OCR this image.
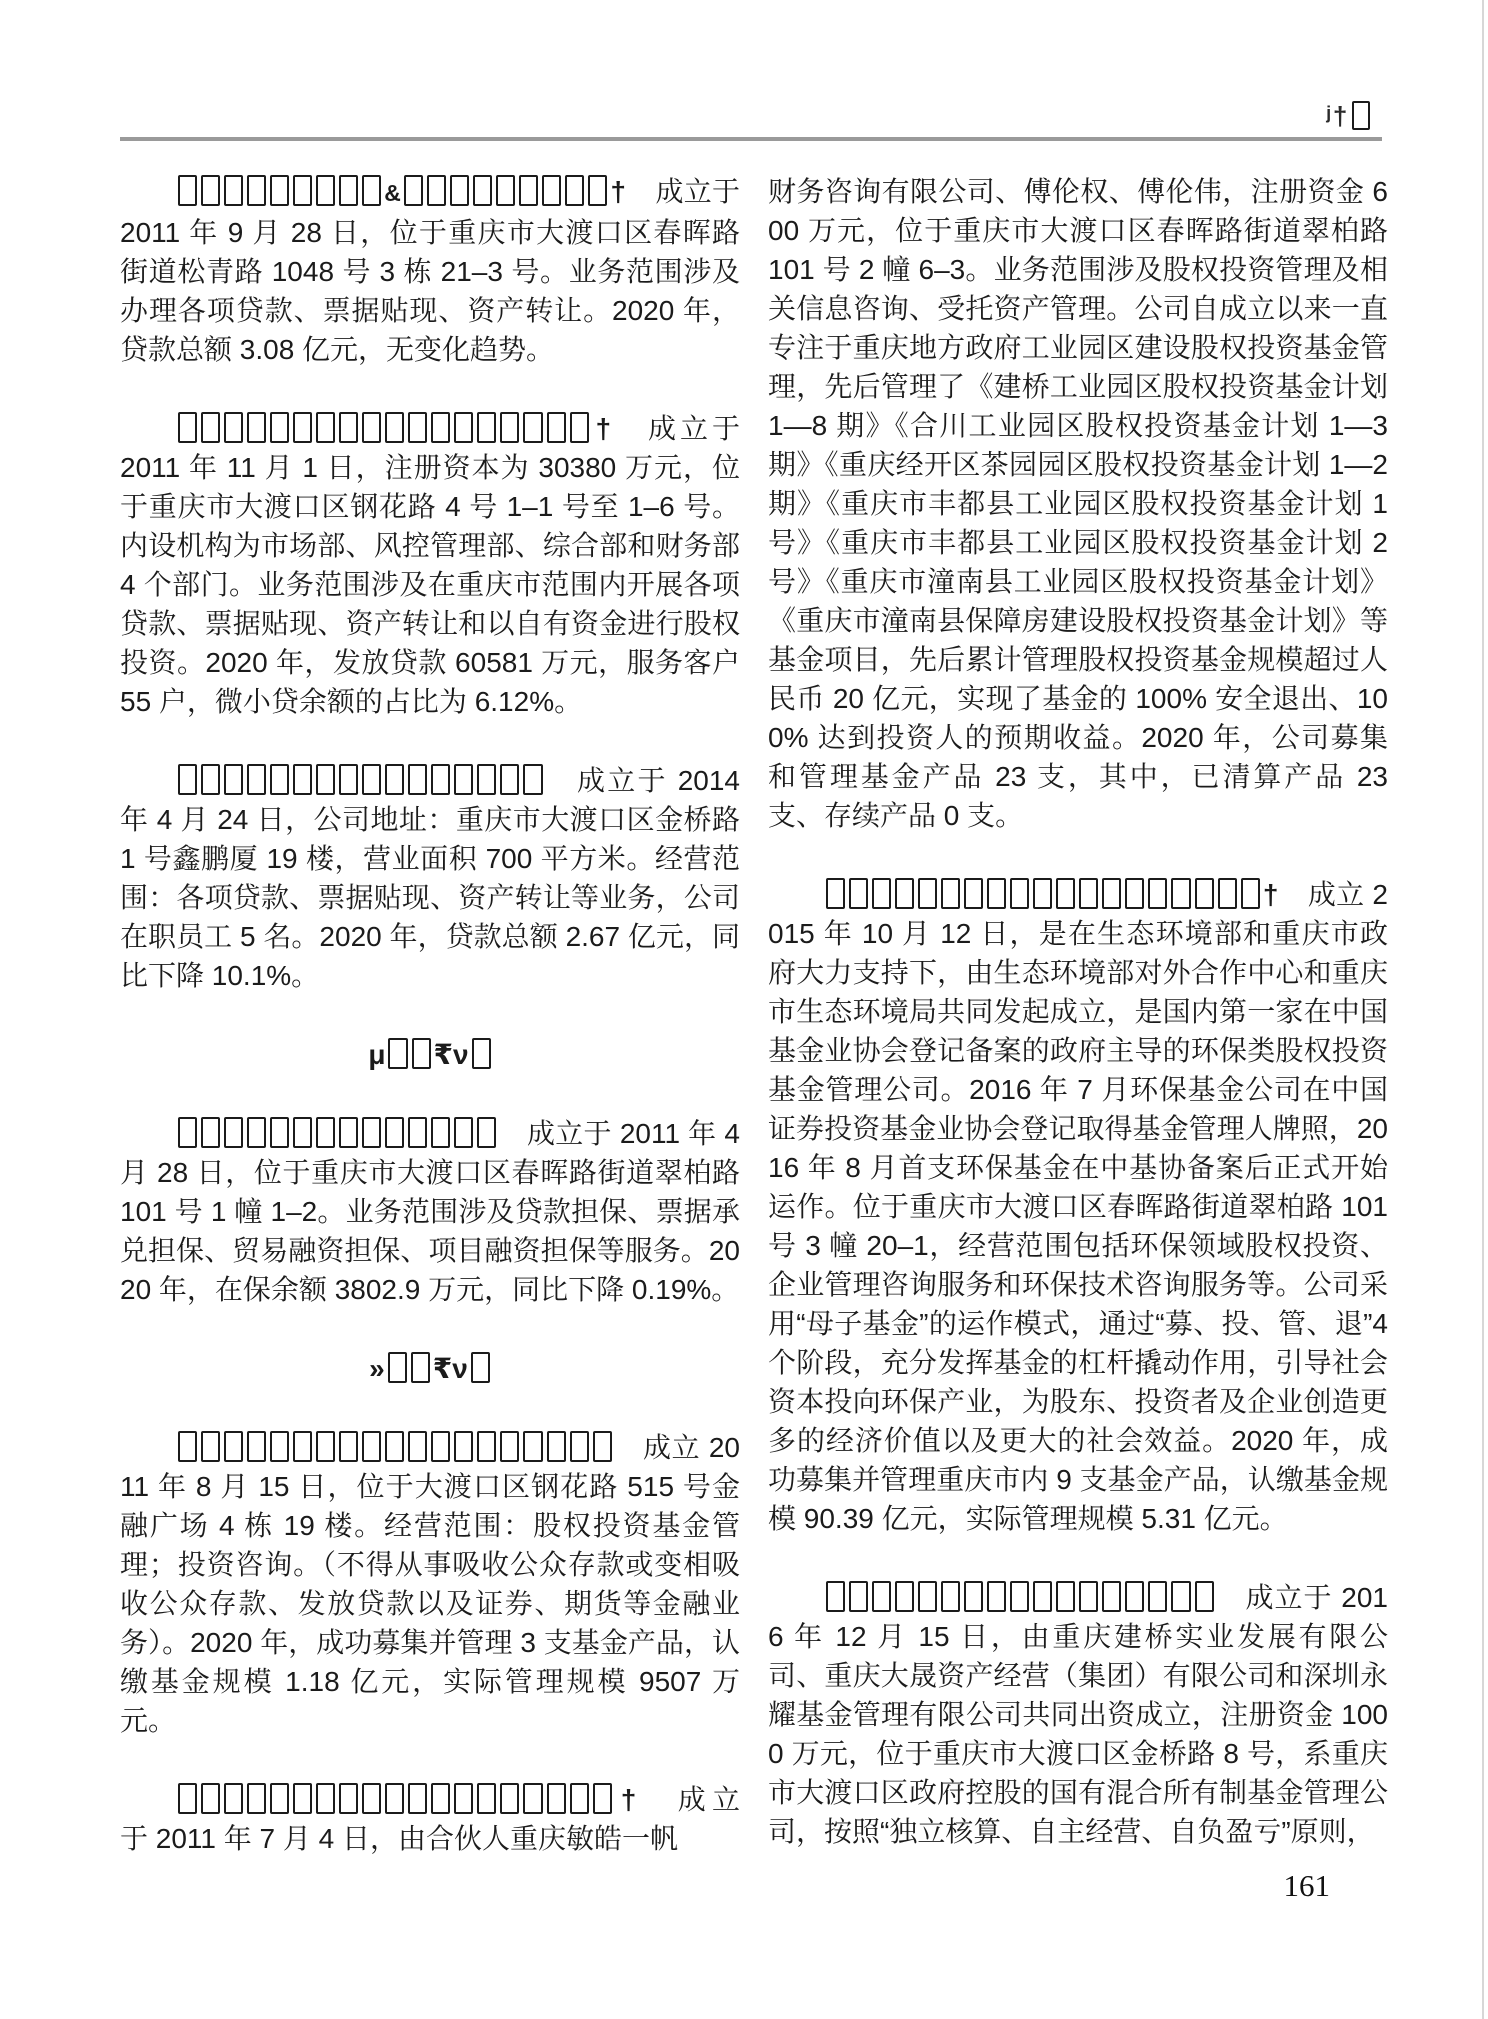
ʲ†

&	†　 成立于 2011 年 9 月 28 日，位于重庆市大渡口区春晖路街道松青路 1048 号 3 栋 21–3 号。业务范围涉及办理各项贷款、票据贴现、资产转让。2020 年，贷款总额 3.08 亿元，无变化趋势。

†　 成立于 2011 年 11 月 1 日，注册资本为 30380 万元，位于重庆市大渡口区钢花路 4 号 1–1 号至 1–6 号。内设机构为市场部、风控管理部、综合部和财务部 4 个部门。业务范围涉及在重庆市范围内开展各项贷款、票据贴现、资产转让和以自有资金进行股权投资。2020 年，发放贷款 60581 万元，服务客户 55 户，微小贷余额的占比为 6.12%。

　成立于 2014 年 4 月 24 日，公司地址：重庆市大渡口区金桥路 1 号鑫鹏厦 19 楼，营业面积 700 平方米。经营范围：各项贷款、票据贴现、资产转让等业务，公司在职员工 5 名。2020 年，贷款总额 2.67 亿元，同比下降 10.1%。

μ ₹ν

　成立于 2011 年 4 月 28 日，位于重庆市大渡口区春晖路街道翠柏路 101 号 1 幢 1–2。业务范围涉及贷款担保、票据承兑担保、贸易融资担保、项目融资担保等服务。2020 年，在保余额 3802.9 万元，同比下降 0.19%。

» ₹ν

　成立 2011 年 8 月 15 日，位于大渡口区钢花路 515 号金融广场 4 栋 19 楼。经营范围：股权投资基金管理；投资咨询。（不得从事吸收公众存款或变相吸收公众存款、发放贷款以及证券、期货等金融业务）。2020 年，成功募集并管理 3 支基金产品，认缴基金规模 1.18 亿元，实际管理规模 9507 万元。

†　 成立于 2011 年 7 月 4 日，由合伙人重庆敏皓一帆

财务咨询有限公司、傅伦权、傅伦伟，注册资金 600 万元，位于重庆市大渡口区春晖路街道翠柏路 101 号 2 幢 6–3。业务范围涉及股权投资管理及相关信息咨询、受托资产管理。公司自成立以来一直专注于重庆地方政府工业园区建设股权投资基金管理，先后管理了《建桥工业园区股权投资基金计划 1—8 期》《合川工业园区股权投资基金计划 1—3 期》《重庆经开区茶园园区股权投资基金计划 1—2 期》《重庆市丰都县工业园区股权投资基金计划 1 号》《重庆市丰都县工业园区股权投资基金计划 2 号》《重庆市潼南县工业园区股权投资基金计划》《重庆市潼南县保障房建设股权投资基金计划》等基金项目，先后累计管理股权投资基金规模超过人民币 20 亿元，实现了基金的 100% 安全退出、100% 达到投资人的预期收益。2020 年，公司募集和管理基金产品 23 支，其中，已清算产品 23 支、存续产品 0 支。

†　 成立 2015 年 10 月 12 日，是在生态环境部和重庆市政府大力支持下，由生态环境部对外合作中心和重庆市生态环境局共同发起成立，是国内第一家在中国基金业协会登记备案的政府主导的环保类股权投资基金管理公司。2016 年 7 月环保基金公司在中国证券投资基金业协会登记取得基金管理人牌照，2016 年 8 月首支环保基金在中基协备案后正式开始运作。位于重庆市大渡口区春晖路街道翠柏路 101 号 3 幢 20–1，经营范围包括环保领域股权投资、企业管理咨询服务和环保技术咨询服务等。公司采用“母子基金”的运作模式，通过“募、投、管、退”4 个阶段，充分发挥基金的杠杆撬动作用，引导社会资本投向环保产业，为股东、投资者及企业创造更多的经济价值以及更大的社会效益。2020 年，成功募集并管理重庆市内 9 支基金产品，认缴基金规模 90.39 亿元，实际管理规模 5.31 亿元。

　成立于 2016 年 12 月 15 日，由重庆建桥实业发展有限公司、重庆大晟资产经营（集团）有限公司和深圳永耀基金管理有限公司共同出资成立，注册资金 1000 万元，位于重庆市大渡口区金桥路 8 号，系重庆市大渡口区政府控股的国有混合所有制基金管理公司，按照“独立核算、自主经营、自负盈亏”原则，

161
